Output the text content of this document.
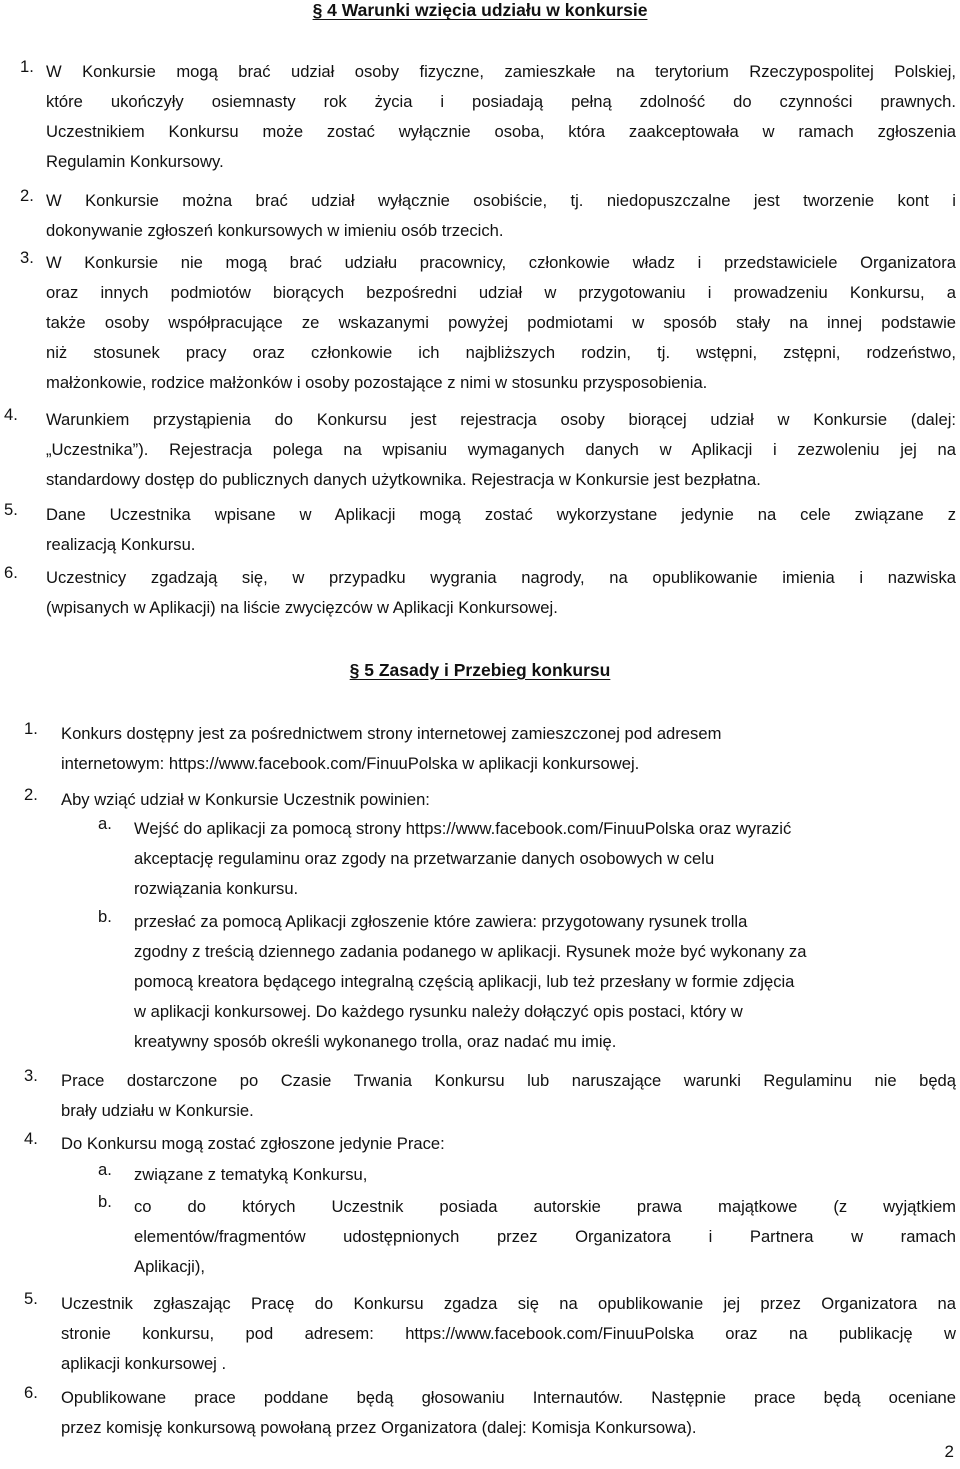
§ 4 Warunki wzięcia udziału w konkursie
1. W Konkursie mogą brać udział osoby fizyczne, zamieszkałe na terytorium Rzeczypospolitej Polskiej,
które ukończyły osiemnasty rok życia i posiadają pełną zdolność do czynności prawnych.
Uczestnikiem Konkursu może zostać wyłącznie osoba, która zaakceptowała w ramach zgłoszenia
Regulamin Konkursowy.
2. W Konkursie można brać udział wyłącznie osobiście, tj. niedopuszczalne jest tworzenie kont i
dokonywanie zgłoszeń konkursowych w imieniu osób trzecich.
3. W Konkursie nie mogą brać udziału pracownicy, członkowie władz i przedstawiciele Organizatora
oraz innych podmiotów biorących bezpośredni udział w przygotowaniu i prowadzeniu Konkursu, a
także osoby współpracujące ze wskazanymi powyżej podmiotami w sposób stały na innej podstawie
niż stosunek pracy oraz członkowie ich najbliższych rodzin, tj. wstępni, zstępni, rodzeństwo,
małżonkowie, rodzice małżonków i osoby pozostające z nimi w stosunku przysposobienia.
4. Warunkiem przystąpienia do Konkursu jest rejestracja osoby biorącej udział w Konkursie (dalej:
„Uczestnika”). Rejestracja polega na wpisaniu wymaganych danych w Aplikacji i zezwoleniu jej na
standardowy dostęp do publicznych danych użytkownika. Rejestracja w Konkursie jest bezpłatna.
5. Dane Uczestnika wpisane w Aplikacji mogą zostać wykorzystane jedynie na cele związane z
realizacją Konkursu.
6. Uczestnicy zgadzają się, w przypadku wygrania nagrody, na opublikowanie imienia i nazwiska
(wpisanych w Aplikacji) na liście zwycięzców w Aplikacji Konkursowej.
§ 5 Zasady i Przebieg konkursu
1. Konkurs dostępny jest za pośrednictwem strony internetowej zamieszczonej pod adresem
internetowym: https://www.facebook.com/FinuuPolska w aplikacji konkursowej.
2. Aby wziąć udział w Konkursie Uczestnik powinien:
a. Wejść do aplikacji za pomocą strony https://www.facebook.com/FinuuPolska oraz wyrazić
akceptację regulaminu oraz zgody na przetwarzanie danych osobowych w celu
rozwiązania konkursu.
b. przesłać za pomocą Aplikacji zgłoszenie które zawiera: przygotowany rysunek trolla
zgodny z treścią dziennego zadania podanego w aplikacji. Rysunek może być wykonany za
pomocą kreatora będącego integralną częścią aplikacji, lub też przesłany w formie zdjęcia
w aplikacji konkursowej. Do każdego rysunku należy dołączyć opis postaci, który w
kreatywny sposób określi wykonanego trolla, oraz nadać mu imię.
3. Prace dostarczone po Czasie Trwania Konkursu lub naruszające warunki Regulaminu nie będą
brały udziału w Konkursie.
4. Do Konkursu mogą zostać zgłoszone jedynie Prace:
a. związane z tematyką Konkursu,
b. co do których Uczestnik posiada autorskie prawa majątkowe (z wyjątkiem
elementów/fragmentów udostępnionych przez Organizatora i Partnera w ramach
Aplikacji),
5. Uczestnik zgłaszając Pracę do Konkursu zgadza się na opublikowanie jej przez Organizatora na
stronie konkursu, pod adresem: https://www.facebook.com/FinuuPolska oraz na publikację w
aplikacji konkursowej .
6. Opublikowane prace poddane będą głosowaniu Internautów. Następnie prace będą oceniane
przez komisję konkursową powołaną przez Organizatora (dalej: Komisja Konkursowa).
2
